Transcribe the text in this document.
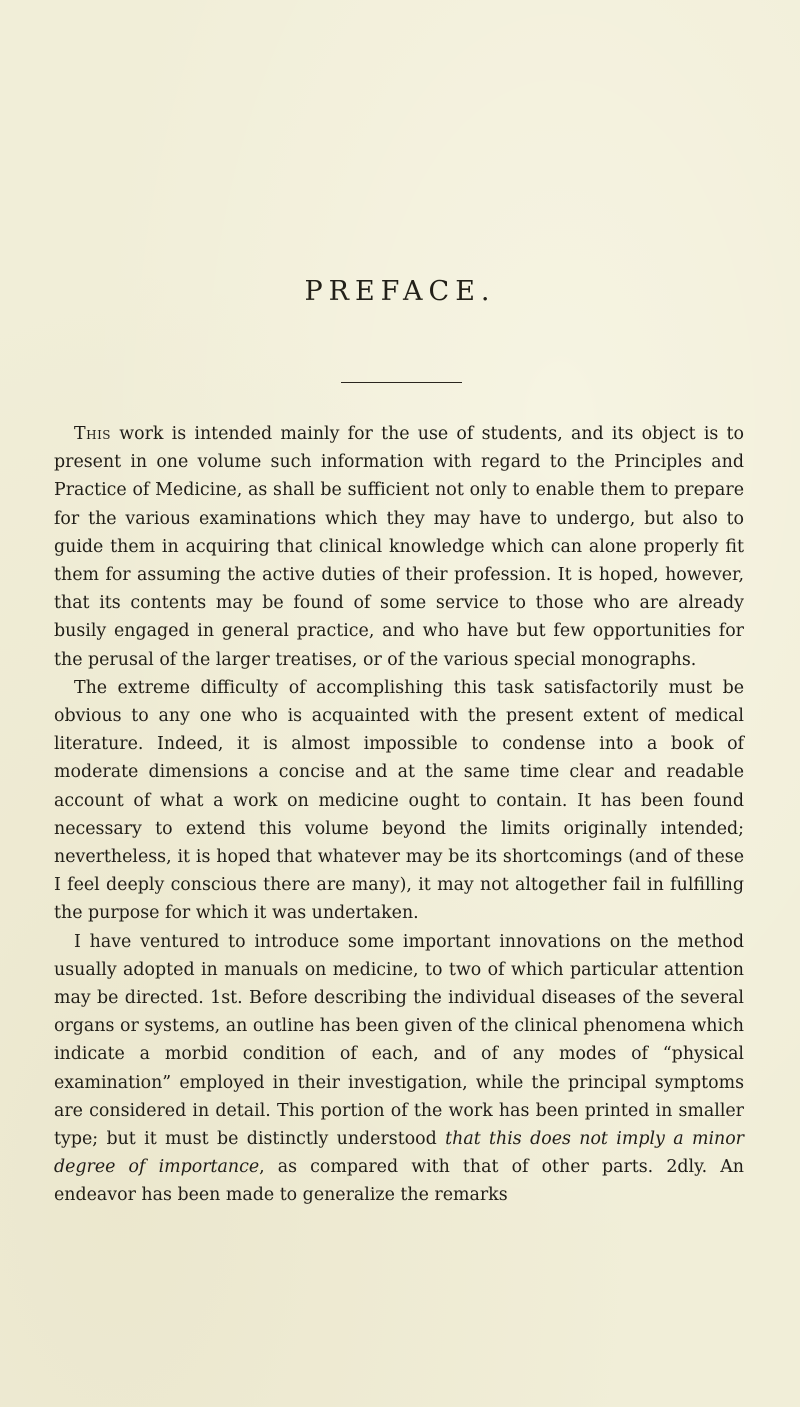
PREFACE.

This work is intended mainly for the use of students, and its object is to present in one volume such information with regard to the Principles and Practice of Medicine, as shall be sufficient not only to enable them to prepare for the various examinations which they may have to undergo, but also to guide them in acquiring that clinical knowledge which can alone properly fit them for assuming the active duties of their profession. It is hoped, however, that its contents may be found of some service to those who are already busily engaged in general practice, and who have but few opportunities for the perusal of the larger treatises, or of the various special monographs.

The extreme difficulty of accomplishing this task satisfactorily must be obvious to any one who is acquainted with the present extent of medical literature. Indeed, it is almost impossible to condense into a book of moderate dimensions a concise and at the same time clear and readable account of what a work on medicine ought to contain. It has been found necessary to extend this volume beyond the limits originally intended; nevertheless, it is hoped that whatever may be its shortcomings (and of these I feel deeply conscious there are many), it may not altogether fail in fulfilling the purpose for which it was undertaken.

I have ventured to introduce some important innovations on the method usually adopted in manuals on medicine, to two of which particular attention may be directed. 1st. Before describing the individual diseases of the several organs or systems, an outline has been given of the clinical phenomena which indicate a morbid condition of each, and of any modes of “physical examination” employed in their investigation, while the principal symptoms are considered in detail. This portion of the work has been printed in smaller type; but it must be distinctly understood that this does not imply a minor degree of importance, as compared with that of other parts. 2dly. An endeavor has been made to generalize the remarks
